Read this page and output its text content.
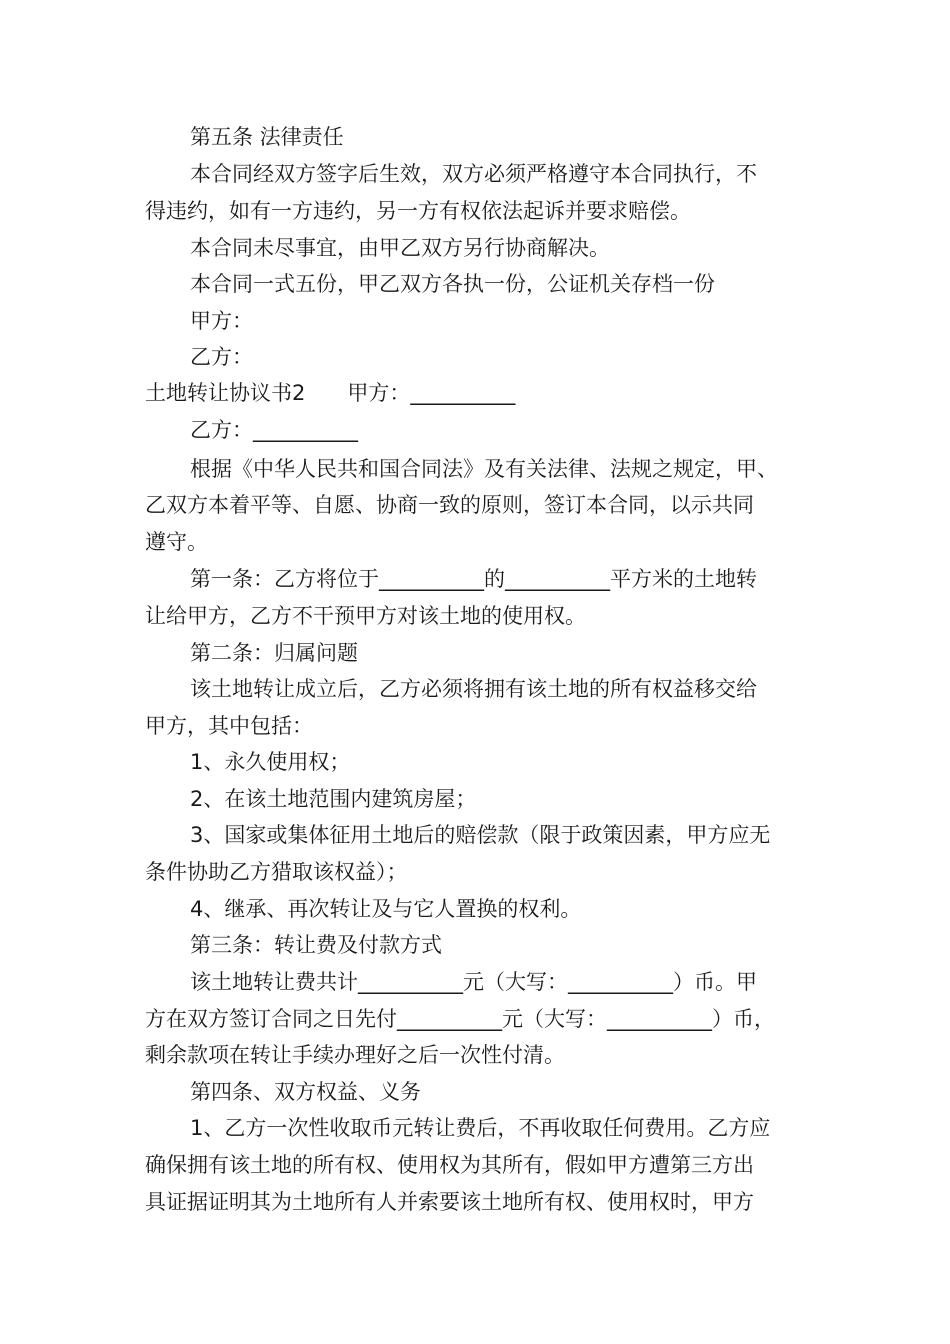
第五条 法律责任
本合同经双方签字后生效，双方必须严格遵守本合同执行，不
得违约，如有一方违约，另一方有权依法起诉并要求赔偿。
本合同未尽事宜，由甲乙双方另行协商解决。
本合同一式五份，甲乙双方各执一份，公证机关存档一份
甲方：
乙方：
土地转让协议书2　　甲方：__________
乙方：__________
根据《中华人民共和国合同法》及有关法律、法规之规定，甲、
乙双方本着平等、自愿、协商一致的原则，签订本合同，以示共同
遵守。
第一条：乙方将位于__________的__________平方米的土地转
让给甲方，乙方不干预甲方对该土地的使用权。
第二条：归属问题
该土地转让成立后，乙方必须将拥有该土地的所有权益移交给
甲方，其中包括：
1、永久使用权；
2、在该土地范围内建筑房屋；
3、国家或集体征用土地后的赔偿款（限于政策因素，甲方应无
条件协助乙方猎取该权益）；
4、继承、再次转让及与它人置换的权利。
第三条：转让费及付款方式
该土地转让费共计__________元（大写：__________）币。甲
方在双方签订合同之日先付__________元（大写：__________）币，
剩余款项在转让手续办理好之后一次性付清。
第四条、双方权益、义务
1、乙方一次性收取币元转让费后，不再收取任何费用。乙方应
确保拥有该土地的所有权、使用权为其所有，假如甲方遭第三方出
具证据证明其为土地所有人并索要该土地所有权、使用权时，甲方
